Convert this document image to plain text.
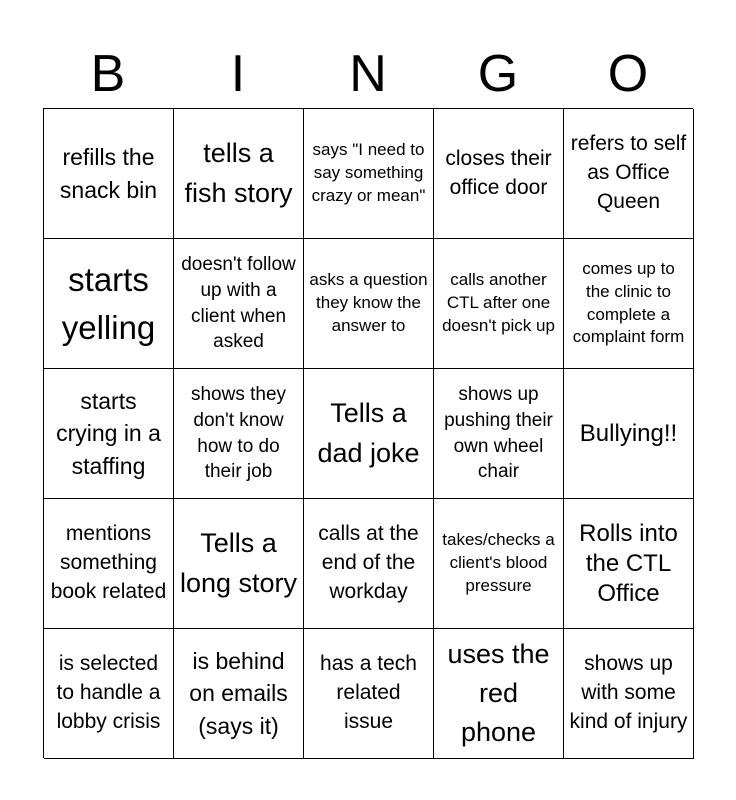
B	I	N	G	O
refills the snack bin
tells a fish story
says "I need to say something crazy or mean"
closes their office door
refers to self as Office Queen
starts yelling
doesn't follow up with a client when asked
asks a question they know the answer to
calls another CTL after one doesn't pick up
comes up to the clinic to complete a complaint form
starts crying in a staffing
shows they don't know how to do their job
Tells a dad joke
shows up pushing their own wheel chair
Bullying!!
mentions something book related
Tells a long story
calls at the end of the workday
takes/checks a client's blood pressure
Rolls into the CTL Office
is selected to handle a lobby crisis
is behind on emails (says it)
has a tech related issue
uses the red phone
shows up with some kind of injury
